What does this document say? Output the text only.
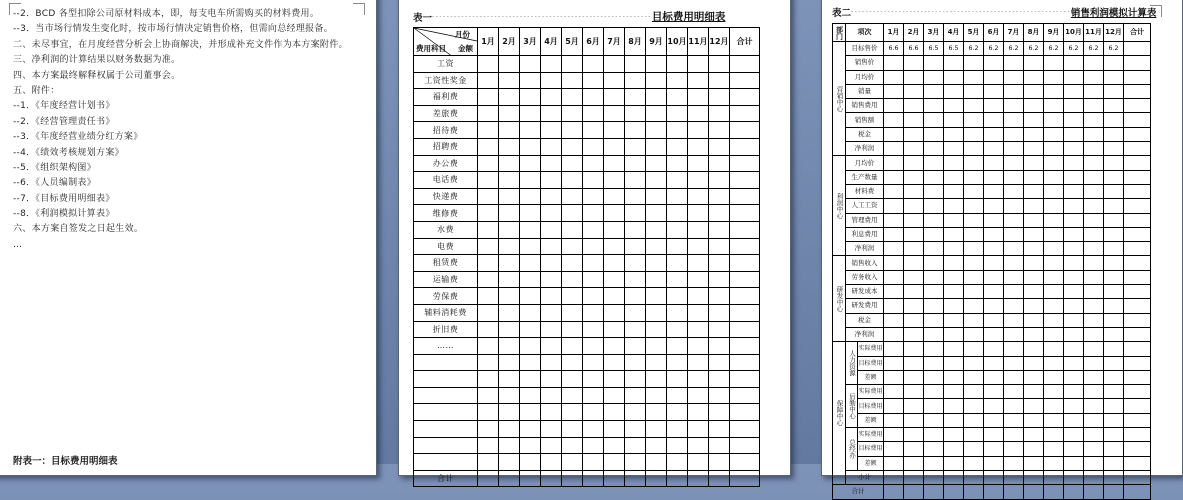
--2．BCD 各型扣除公司原材料成本，即，每支电车所需购买的材料费用。
--3．当市场行情发生变化时，按市场行情决定销售价格，但需向总经理报备。
二、未尽事宜，在月度经营分析会上协商解决，并形成补充文件作为本方案附件。
三、净利润的计算结果以财务数据为准。
四、本方案最终解释权属于公司董事会。
五、附件：
--1．《年度经营计划书》
--2．《经营管理责任书》
--3．《年度经营业绩分红方案》
--4．《绩效考核规划方案》
--5．《组织架构图》
--6．《人员编制表》
--7．《目标费用明细表》
--8．《利润模拟计算表》
六、本方案自签发之日起生效。
…
附表一：目标费用明细表
表一 ------------------------------------------------------------ 目标费用明细表
月份
金额
费用科目	1月	2月	3月	4月	5月	6月	7月	8月	9月	10月	11月	12月	合计
工资													
工资性奖金													
福利费													
差旅费													
招待费													
招聘费													
办公费													
电话费													
快递费													
维修费													
水费													
电费													
租赁费													
运输费													
劳保费													
辅料消耗费													
折旧费													
……													

合计													
表二 ------------------------------------------------------------ 销售利润模拟计算表
部门	项次		1月	2月	3月	4月	5月	6月	7月	8月	9月	10月	11月	12月	合计
营销中心	目标售价		6.6	6.6	6.5	6.5	6.2	6.2	6.2	6.2	6.2	6.2	6.2	6.2	
	销售价														
	月均价														
	销量														
	销售费用														
	销售额														
	税金														
	净利润														
利润中心	月均价														
	生产数量														
	材料费														
	人工工资														
	管理费用														
	利息费用														
	净利润														
研发中心	销售收入														
	劳务收入														
	研发成本														
	研发费用														
	税金														
	净利润														
保障中心	人力资源	实际费用													
		目标费用													
		差额													
	后勤中心	实际费用													
		目标费用													
		差额													
	总经办	实际费用													
		目标费用													
		差额													
	小计														
合计															
